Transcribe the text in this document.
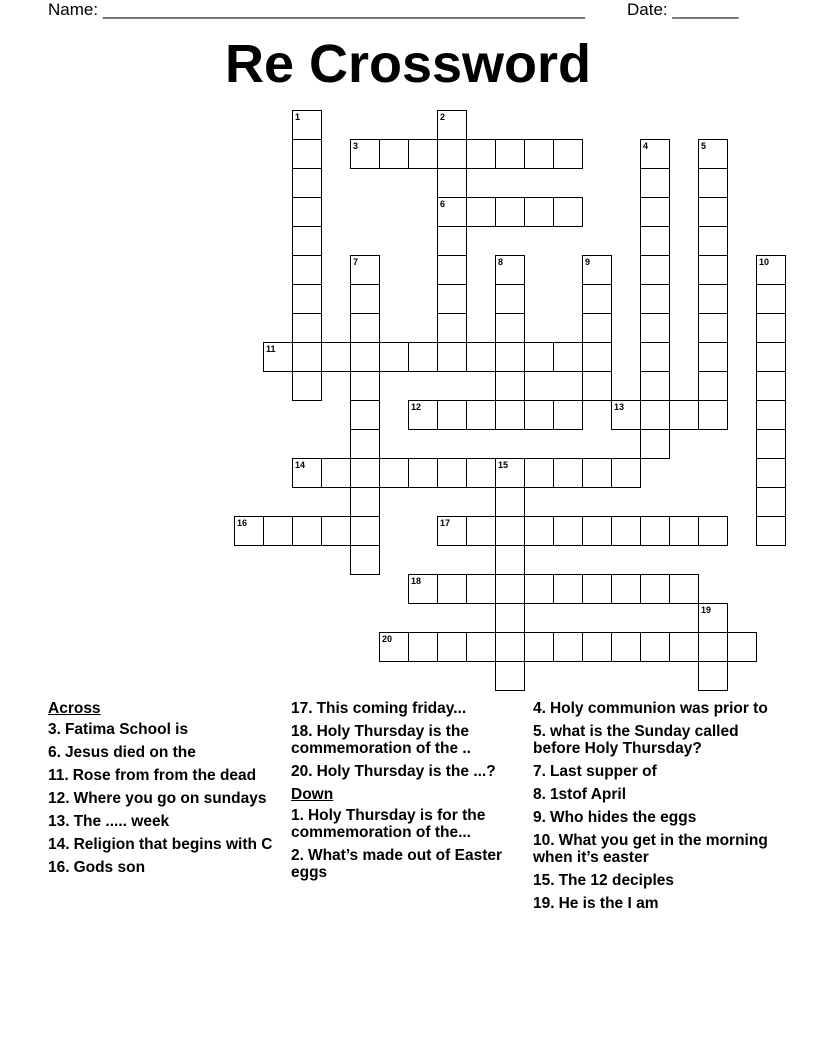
Name: ___________________________________________________ Date: _______
Re Crossword
1	2
3	4	5
6
7	8	9	10
11
12	13
14	15
16	17
18
19
20
Across
3. Fatima School is
6. Jesus died on the
11. Rose from from the dead
12. Where you go on sundays
13. The ..... week
14. Religion that begins with C
16. Gods son
17. This coming friday...
18. Holy Thursday is the commemoration of the ..
20. Holy Thursday is the ...?
Down
1. Holy Thursday is for the commemoration of the...
2. What’s made out of Easter eggs
4. Holy communion was prior to
5. what is the Sunday called before Holy Thursday?
7. Last supper of
8. 1stof April
9. Who hides the eggs
10. What you get in the morning when it’s easter
15. The 12 deciples
19. He is the I am
